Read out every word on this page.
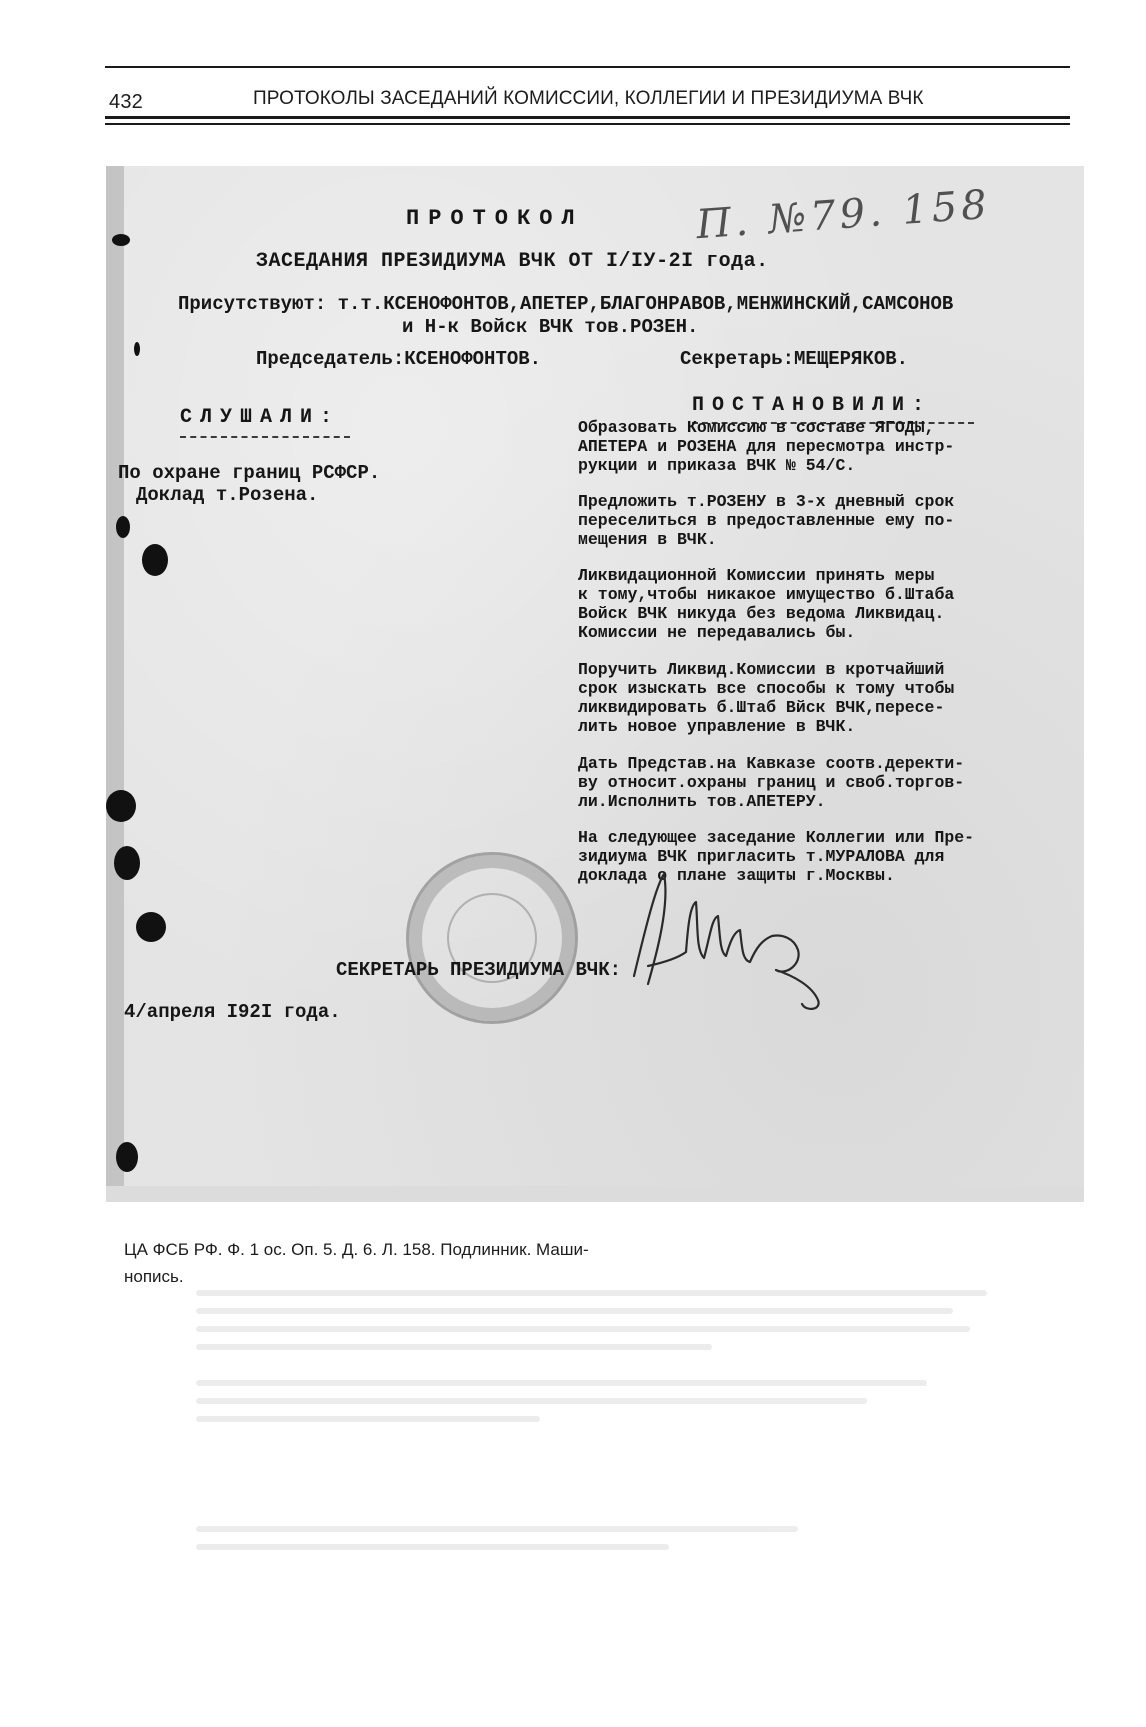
432	ПРОТОКОЛЫ ЗАСЕДАНИЙ КОМИССИИ, КОЛЛЕГИИ И ПРЕЗИДИУМА ВЧК
ПРОТОКОЛ	П. №79. 158
ЗАСЕДАНИЯ ПРЕЗИДИУМА ВЧК ОТ I/IУ-2I года.
Присутствуют: т.т.КСЕНОФОНТОВ,АПЕТЕР,БЛАГОНРАВОВ,МЕНЖИНСКИЙ,САМСОНОВ
и Н-к Войск ВЧК тов.РОЗЕН.
Председатель:КСЕНОФОНТОВ.	Секретарь:МЕЩЕРЯКОВ.
СЛУШАЛИ:
ПОСТАНОВИЛИ:
По охране границ РСФСР.
Доклад т.Розена.
Образовать Комиссию в составе ЯГОДЫ,
АПЕТЕРА и РОЗЕНА для пересмотра инстр-
рукции и приказа ВЧК № 54/С.
Предложить т.РОЗЕНУ в 3-х дневный срок
переселиться в предоставленные ему по-
мещения в ВЧК.
Ликвидационной Комиссии принять меры
к тому,чтобы никакое имущество б.Штаба
Войск ВЧК никуда без ведома Ликвидац.
Комиссии не передавались бы.
Поручить Ликвид.Комиссии в кротчайший
срок изыскать все способы к тому чтобы
ликвидировать б.Штаб Вйск ВЧК,пересе-
лить новое управление в ВЧК.
Дать Представ.на Кавказе соотв.деректи-
ву относит.охраны границ и своб.торгов-
ли.Исполнить тов.АПЕТЕРУ.
На следующее заседание Коллегии или Пре-
зидиума ВЧК пригласить т.МУРАЛОВА для
доклада о плане защиты г.Москвы.
СЕКРЕТАРЬ ПРЕЗИДИУМА ВЧК:
4/апреля I92I года.
ЦА ФСБ РФ. Ф. 1 ос. Оп. 5. Д. 6. Л. 158. Подлинник. Маши-
нопись.
